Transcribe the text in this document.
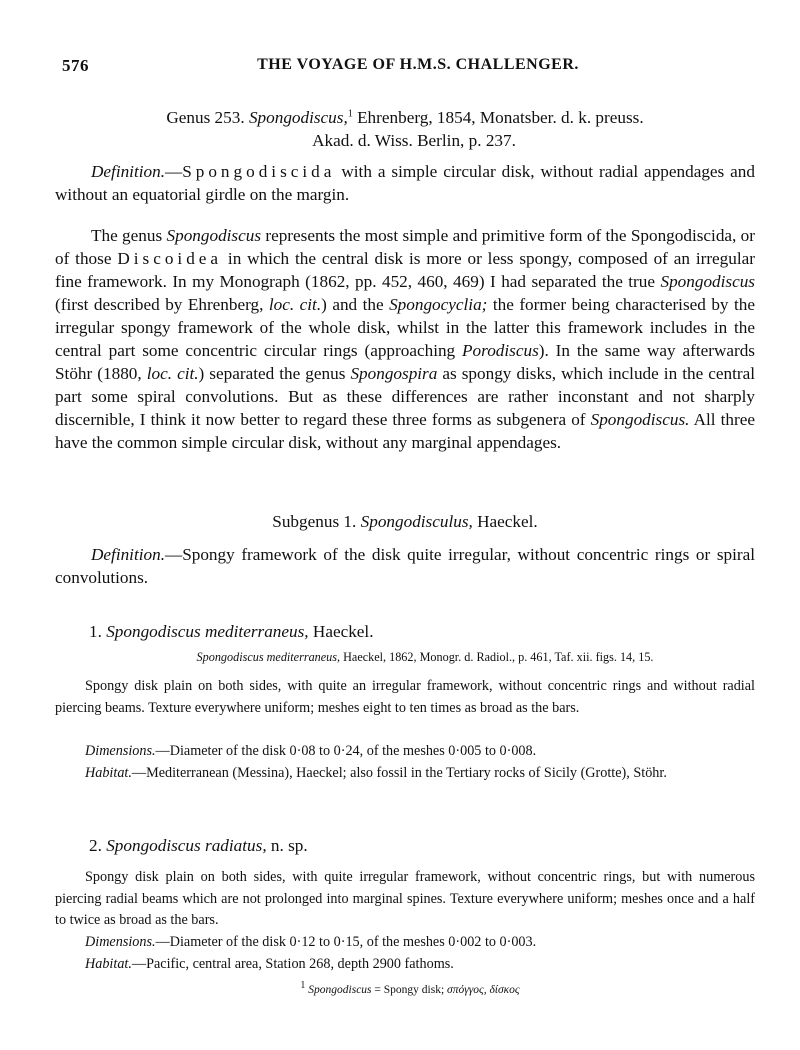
576	THE VOYAGE OF H.M.S. CHALLENGER.
Genus 253. Spongodiscus,$^1$ Ehrenberg, 1854, Monatsber. d. k. preuss.
Akad. d. Wiss. Berlin, p. 237.
Definition.—Spongodiscida with a simple circular disk, without radial appendages and without an equatorial girdle on the margin.
The genus Spongodiscus represents the most simple and primitive form of the Spongodiscida, or of those Discoidea in which the central disk is more or less spongy, composed of an irregular fine framework. In my Monograph (1862, pp. 452, 460, 469) I had separated the true Spongodiscus (first described by Ehrenberg, loc. cit.) and the Spongocyclia; the former being characterised by the irregular spongy framework of the whole disk, whilst in the latter this framework includes in the central part some concentric circular rings (approaching Porodiscus). In the same way afterwards Stöhr (1880, loc. cit.) separated the genus Spongospira as spongy disks, which include in the central part some spiral convolutions. But as these differences are rather inconstant and not sharply discernible, I think it now better to regard these three forms as subgenera of Spongodiscus. All three have the common simple circular disk, without any marginal appendages.
Subgenus 1. Spongodisculus, Haeckel.
Definition.—Spongy framework of the disk quite irregular, without concentric rings or spiral convolutions.
1. Spongodiscus mediterraneus, Haeckel.
Spongodiscus mediterraneus, Haeckel, 1862, Monogr. d. Radiol., p. 461, Taf. xii. figs. 14, 15.
Spongy disk plain on both sides, with quite an irregular framework, without concentric rings and without radial piercing beams. Texture everywhere uniform; meshes eight to ten times as broad as the bars.
Dimensions.—Diameter of the disk 0·08 to 0·24, of the meshes 0·005 to 0·008.
Habitat.—Mediterranean (Messina), Haeckel; also fossil in the Tertiary rocks of Sicily (Grotte), Stöhr.
2. Spongodiscus radiatus, n. sp.
Spongy disk plain on both sides, with quite irregular framework, without concentric rings, but with numerous piercing radial beams which are not prolonged into marginal spines. Texture everywhere uniform; meshes once and a half to twice as broad as the bars.
Dimensions.—Diameter of the disk 0·12 to 0·15, of the meshes 0·002 to 0·003.
Habitat.—Pacific, central area, Station 268, depth 2900 fathoms.
$^1$ Spongodiscus = Spongy disk; σπόγγος, δίσκος
